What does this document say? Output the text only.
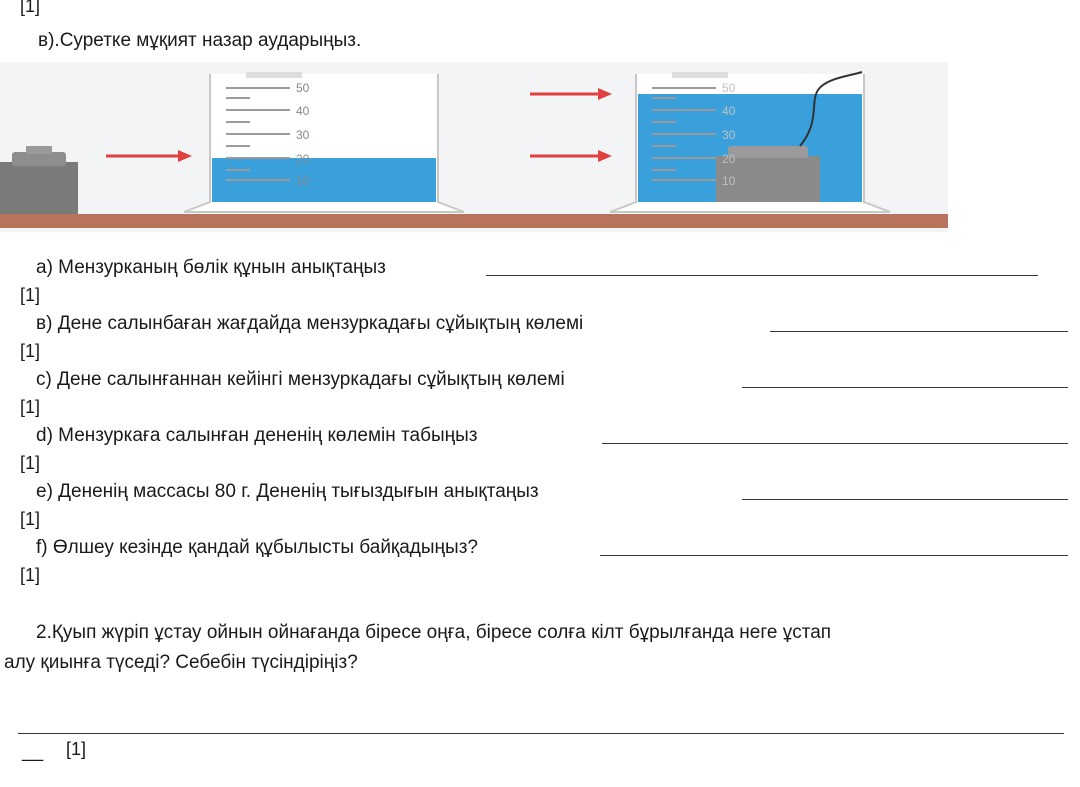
[1]
в).Суретке мұқият назар аударыңыз.
50
40
30
20
10
50
40
30
20
10
а) Мензурканың бөлік құнын анықтаңыз
[1]
в) Дене салынбаған жағдайда мензуркадағы сұйықтың көлемі
[1]
с) Дене салынғаннан кейінгі мензуркадағы сұйықтың көлемі
[1]
d) Мензуркаға салынған дененің көлемін табыңыз
[1]
е) Дененің массасы 80 г. Дененің тығыздығын анықтаңыз
[1]
f) Өлшеу кезінде қандай құбылысты байқадыңыз?
[1]
2.Қуып жүріп ұстау ойнын ойнағанда біресе оңға, біресе солға кілт бұрылғанда неге ұстап
алу қиынға түседі? Себебін түсіндіріңіз?
__ [1]
